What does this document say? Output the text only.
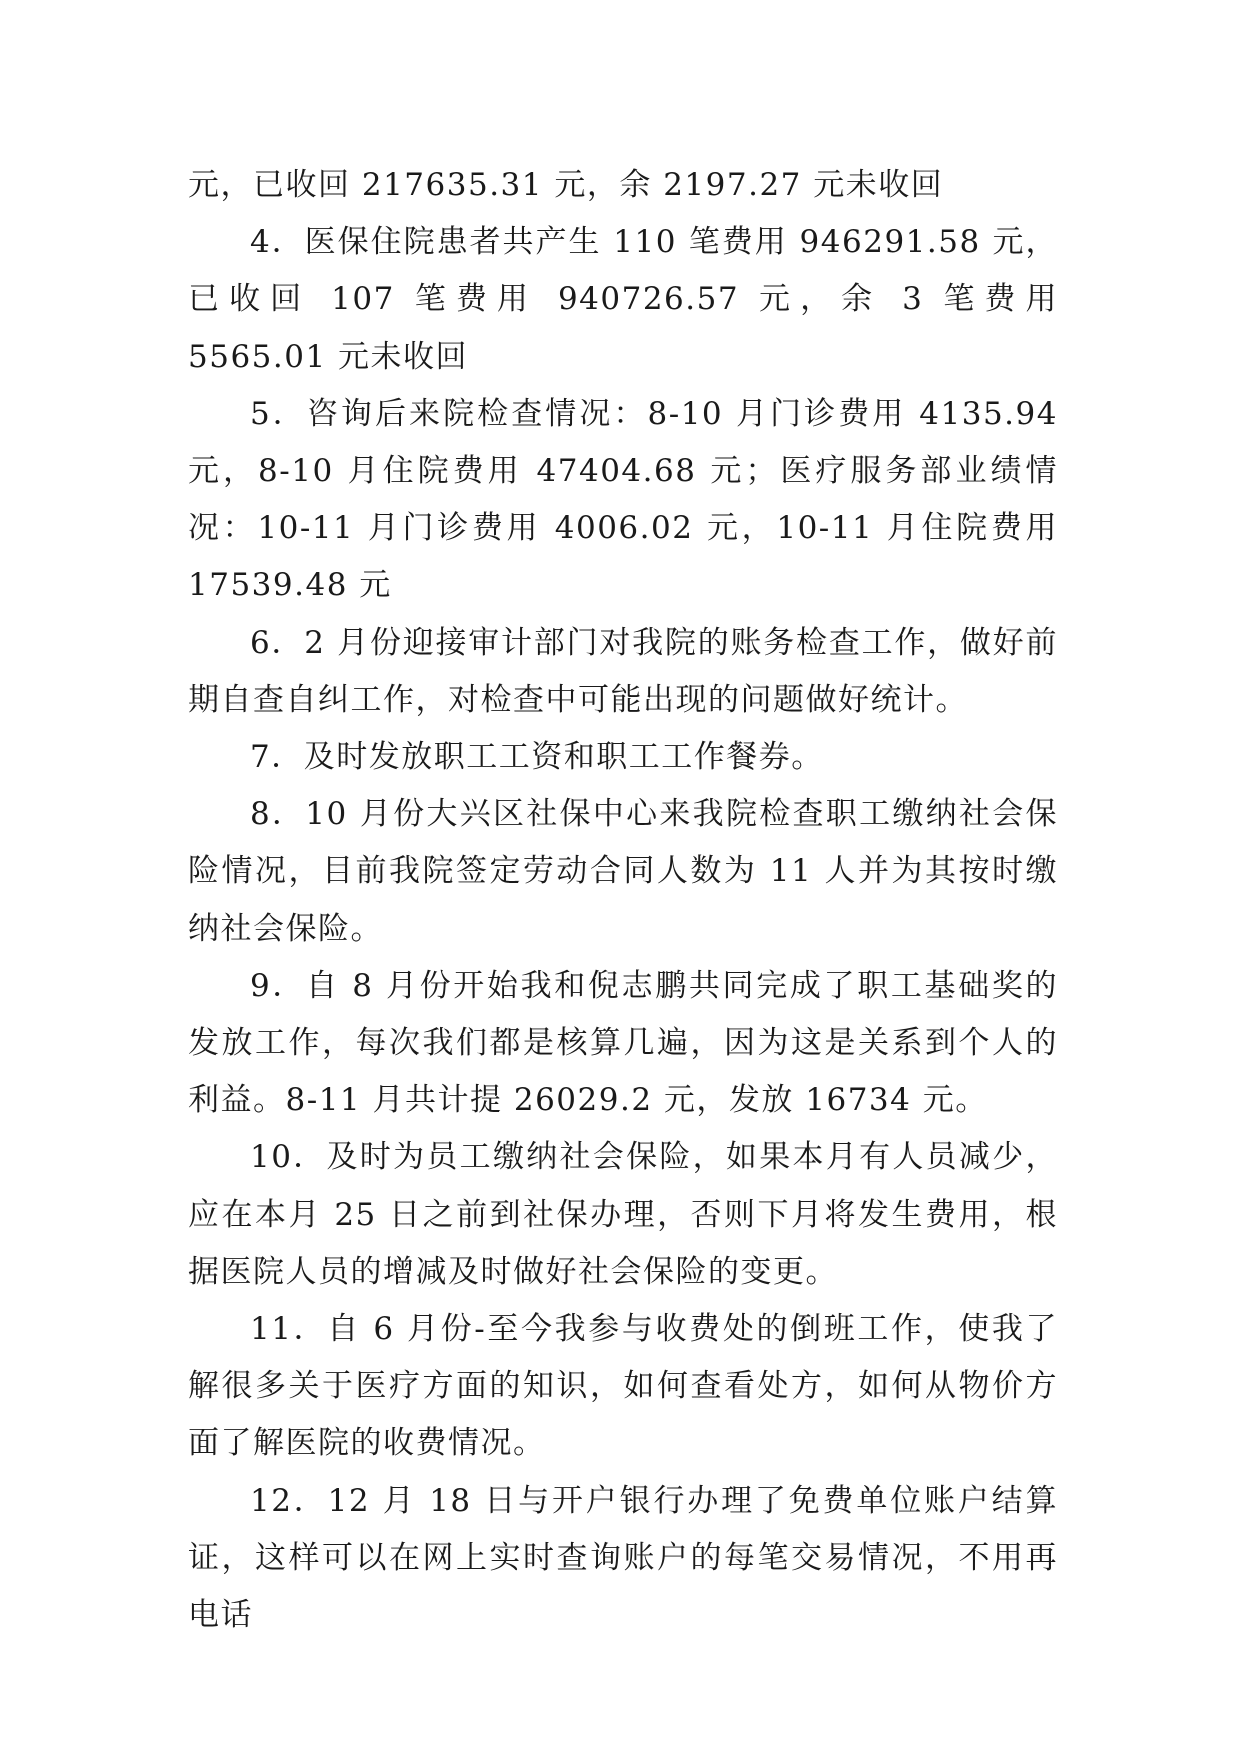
元，已收回 217635.31 元，余 2197.27 元未收回

4．医保住院患者共产生 110 笔费用 946291.58 元，已收回 107 笔费用 940726.57 元，余 3 笔费用 5565.01 元未收回

5．咨询后来院检查情况：8-10 月门诊费用 4135.94 元，8-10 月住院费用 47404.68 元；医疗服务部业绩情况：10-11 月门诊费用 4006.02 元，10-11 月住院费用 17539.48 元

6．2 月份迎接审计部门对我院的账务检查工作，做好前期自查自纠工作，对检查中可能出现的问题做好统计。

7．及时发放职工工资和职工工作餐券。

8．10 月份大兴区社保中心来我院检查职工缴纳社会保险情况，目前我院签定劳动合同人数为 11 人并为其按时缴纳社会保险。

9．自 8 月份开始我和倪志鹏共同完成了职工基础奖的发放工作，每次我们都是核算几遍，因为这是关系到个人的利益。8-11 月共计提 26029.2 元，发放 16734 元。

10．及时为员工缴纳社会保险，如果本月有人员减少，应在本月 25 日之前到社保办理，否则下月将发生费用，根据医院人员的增减及时做好社会保险的变更。

11．自 6 月份-至今我参与收费处的倒班工作，使我了解很多关于医疗方面的知识，如何查看处方，如何从物价方面了解医院的收费情况。

12．12 月 18 日与开户银行办理了免费单位账户结算证，这样可以在网上实时查询账户的每笔交易情况，不用再电话
